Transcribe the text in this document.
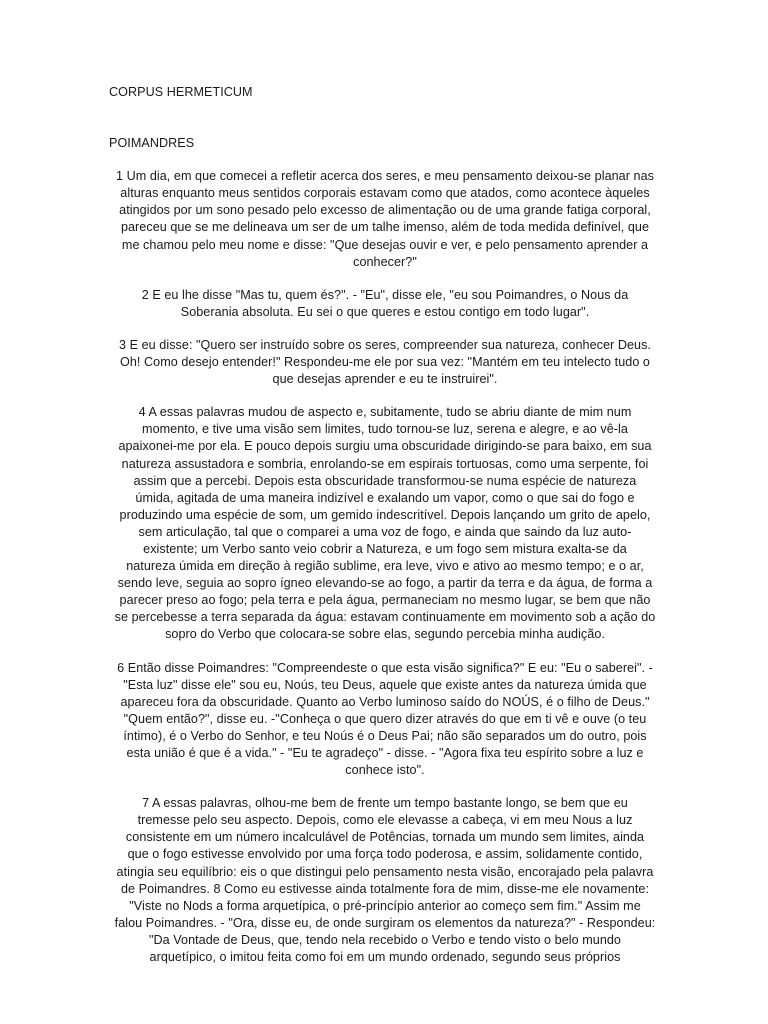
CORPUS HERMETICUM
POIMANDRES

1 Um dia, em que comecei a refletir acerca dos seres, e meu pensamento deixou-se planar nas
alturas enquanto meus sentidos corporais estavam como que atados, como acontece àqueles
atingidos por um sono pesado pelo excesso de alimentação ou de uma grande fatiga corporal,
pareceu que se me delineava um ser de um talhe imenso, além de toda medida definível, que
me chamou pelo meu nome e disse: "Que desejas ouvir e ver, e pelo pensamento aprender a
conhecer?"

2 E eu lhe disse "Mas tu, quem és?". - "Eu", disse ele, "eu sou Poimandres, o Nous da
Soberania absoluta. Eu sei o que queres e estou contigo em todo lugar".

3 E eu disse: "Quero ser instruído sobre os seres, compreender sua natureza, conhecer Deus.
Oh! Como desejo entender!" Respondeu-me ele por sua vez: "Mantém em teu intelecto tudo o
que desejas aprender e eu te instruirei".

4 A essas palavras mudou de aspecto e, subitamente, tudo se abriu diante de mim num
momento, e tive uma visão sem limites, tudo tornou-se luz, serena e alegre, e ao vê-la
apaixonei-me por ela. E pouco depois surgiu uma obscuridade dirigindo-se para baixo, em sua
natureza assustadora e sombria, enrolando-se em espirais tortuosas, como uma serpente, foi
assim que a percebi. Depois esta obscuridade transformou-se numa espécie de natureza
úmida, agitada de uma maneira indizível e exalando um vapor, como o que sai do fogo e
produzindo uma espécie de som, um gemido indescritível. Depois lançando um grito de apelo,
sem articulação, tal que o comparei a uma voz de fogo, e ainda que saindo da luz auto-
existente; um Verbo santo veio cobrir a Natureza, e um fogo sem mistura exalta-se da
natureza úmida em direção à região sublime, era leve, vivo e ativo ao mesmo tempo; e o ar,
sendo leve, seguia ao sopro ígneo elevando-se ao fogo, a partir da terra e da água, de forma a
parecer preso ao fogo; pela terra e pela água, permaneciam no mesmo lugar, se bem que não
se percebesse a terra separada da água: estavam continuamente em movimento sob a ação do
sopro do Verbo que colocara-se sobre elas, segundo percebia minha audição.

6 Então disse Poimandres: "Compreendeste o que esta visão significa?" E eu: "Eu o saberei". -
"Esta luz" disse ele" sou eu, Noús, teu Deus, aquele que existe antes da natureza úmida que
apareceu fora da obscuridade. Quanto ao Verbo luminoso saído do NOÚS, é o filho de Deus."
"Quem então?", disse eu. -"Conheça o que quero dizer através do que em ti vê e ouve (o teu
íntimo), é o Verbo do Senhor, e teu Noús é o Deus Pai; não são separados um do outro, pois
esta união é que é a vida." - "Eu te agradeço" - disse. - "Agora fixa teu espírito sobre a luz e
conhece isto".

7 A essas palavras, olhou-me bem de frente um tempo bastante longo, se bem que eu
tremesse pelo seu aspecto. Depois, como ele elevasse a cabeça, vi em meu Nous a luz
consistente em um número incalculável de Potências, tornada um mundo sem limites, ainda
que o fogo estivesse envolvido por uma força todo poderosa, e assim, solidamente contido,
atingia seu equilíbrio: eis o que distingui pelo pensamento nesta visão, encorajado pela palavra
de Poimandres. 8 Como eu estivesse ainda totalmente fora de mim, disse-me ele novamente:
"Viste no Nods a forma arquetípica, o pré-princípio anterior ao começo sem fim." Assim me
falou Poimandres. - "Ora, disse eu, de onde surgiram os elementos da natureza?" - Respondeu:
"Da Vontade de Deus, que, tendo nela recebido o Verbo e tendo visto o belo mundo
arquetípico, o imitou feita como foi em um mundo ordenado, segundo seus próprios
